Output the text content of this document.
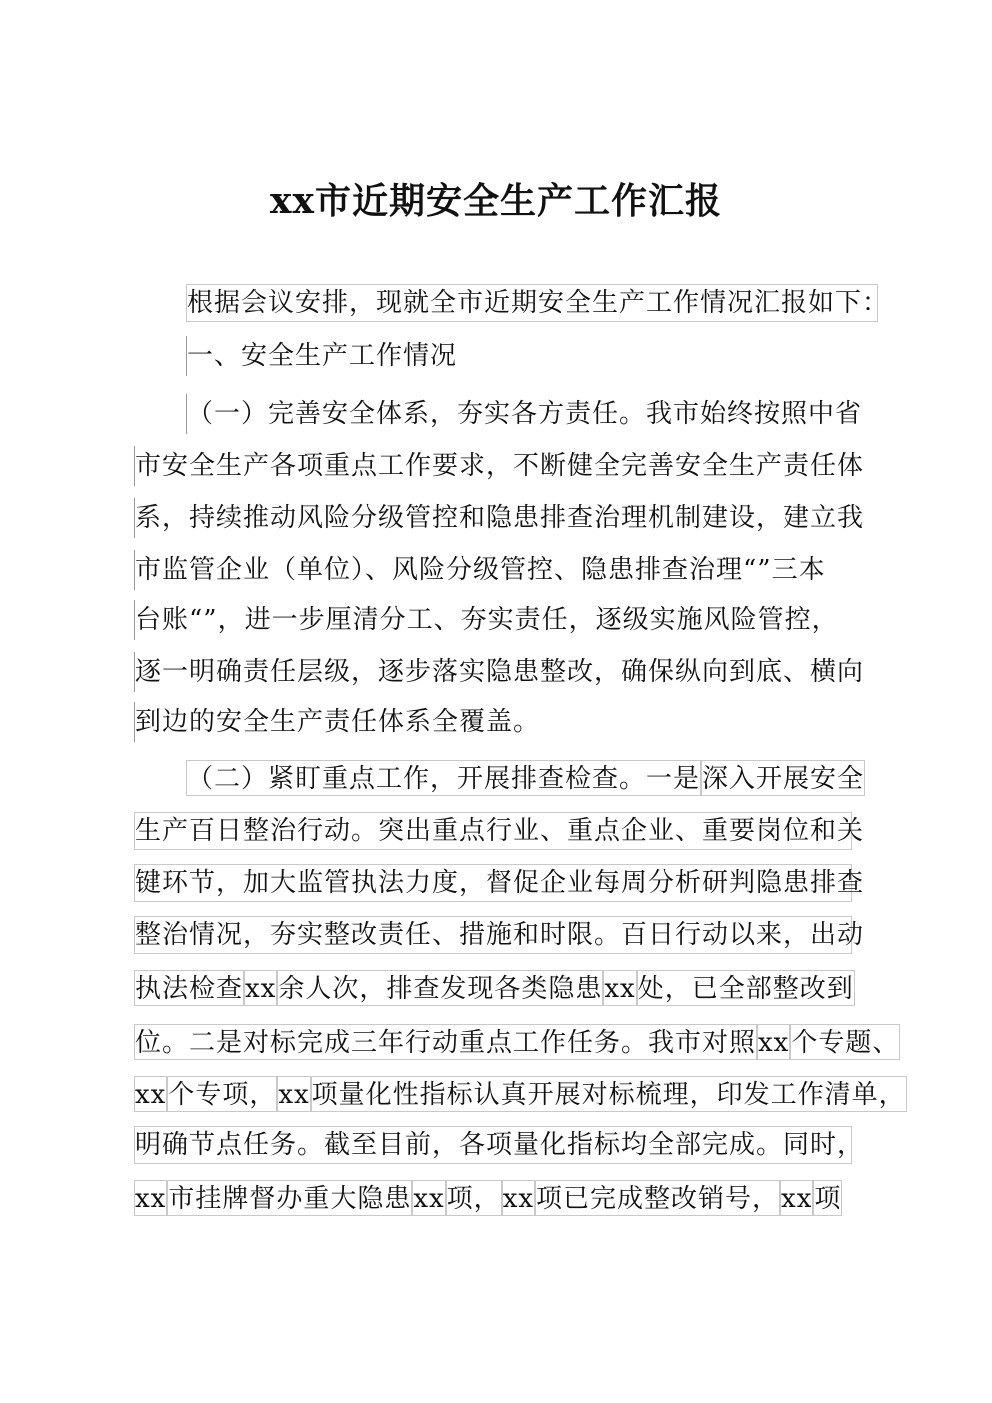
xx市近期安全生产工作汇报
根据会议安排，现就全市近期安全生产工作情况汇报如下：
一、安全生产工作情况
（一）完善安全体系，夯实各方责任。我市始终按照中省
市安全生产各项重点工作要求，不断健全完善安全生产责任体
系，持续推动风险分级管控和隐患排查治理机制建设，建立我
市监管企业（单位）、风险分级管控、隐患排查治理“”三本
台账“”，进一步厘清分工、夯实责任，逐级实施风险管控，
逐一明确责任层级，逐步落实隐患整改，确保纵向到底、横向
到边的安全生产责任体系全覆盖。
（二）紧盯重点工作，开展排查检查。一是深入开展安全
生产百日整治行动。突出重点行业、重点企业、重要岗位和关
键环节，加大监管执法力度，督促企业每周分析研判隐患排查
整治情况，夯实整改责任、措施和时限。百日行动以来，出动
执法检查xx余人次，排查发现各类隐患xx处，已全部整改到
位。二是对标完成三年行动重点工作任务。我市对照xx个专题、
xx个专项，xx项量化性指标认真开展对标梳理，印发工作清单，
明确节点任务。截至目前，各项量化指标均全部完成。同时，
xx市挂牌督办重大隐患xx项，xx项已完成整改销号，xx项
